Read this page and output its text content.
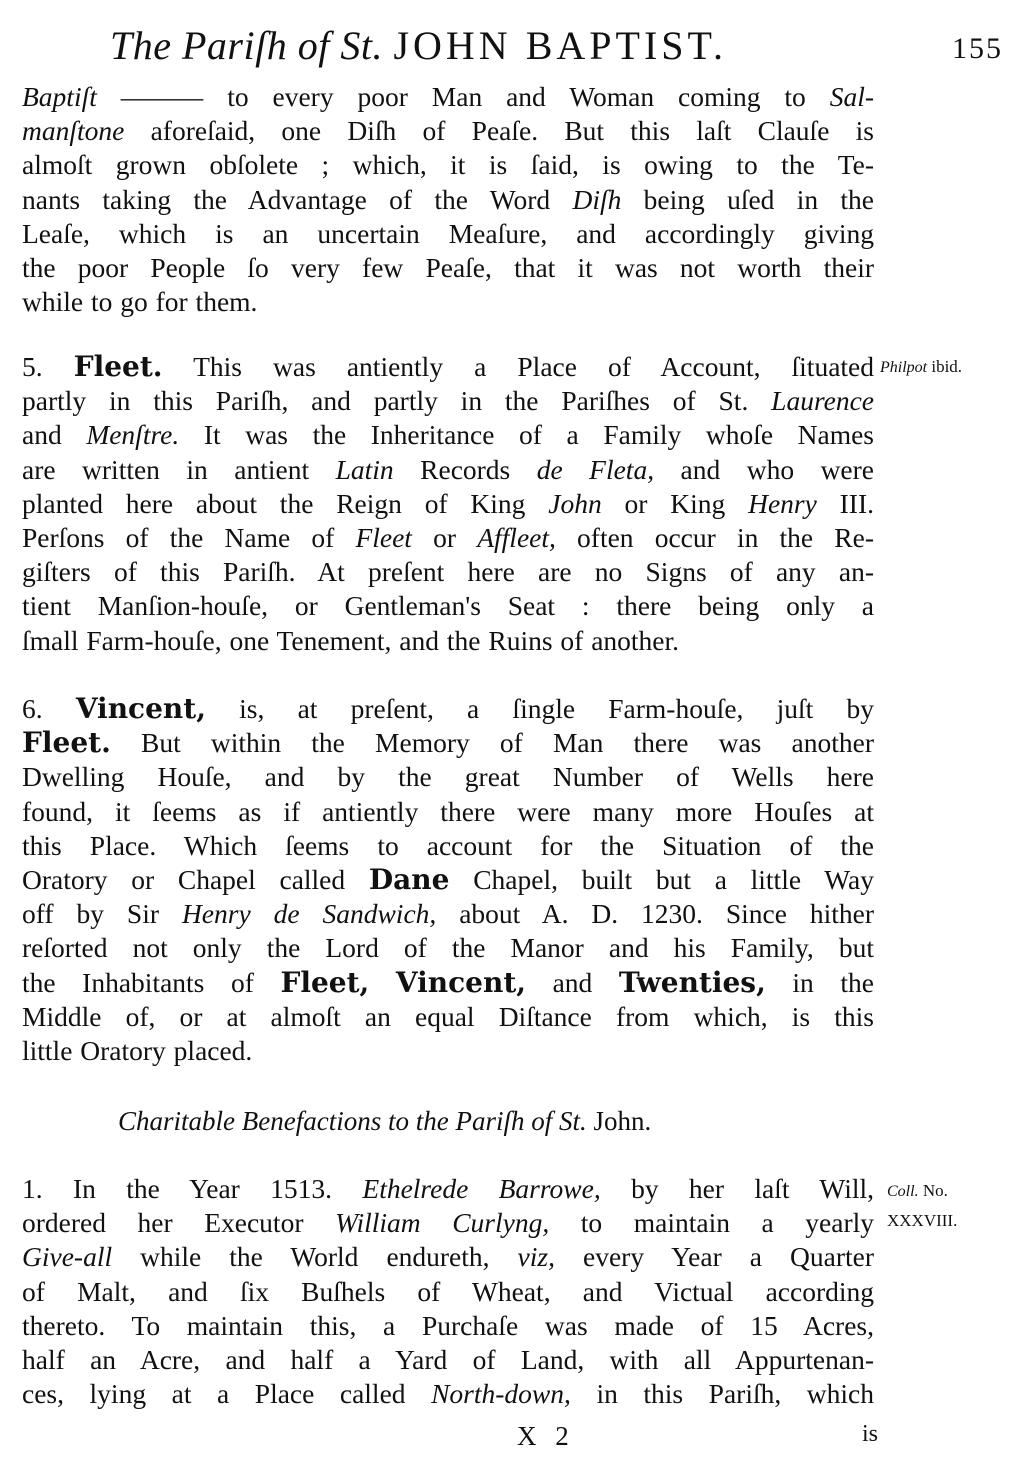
The Pariſh of St. JOHN BAPTIST.	155
Baptiſt ——— to every poor Man and Woman coming to Sal-
manſtone aforeſaid, one Diſh of Peaſe. But this laſt Clauſe is
almoſt grown obſolete ; which, it is ſaid, is owing to the Te-
nants taking the Advantage of the Word Diſh being uſed in the
Leaſe, which is an uncertain Meaſure, and accordingly giving
the poor People ſo very few Peaſe, that it was not worth their
while to go for them.
5. Fleet. This was antiently a Place of Account, ſituated
partly in this Pariſh, and partly in the Pariſhes of St. Laurence
and Menſtre. It was the Inheritance of a Family whoſe Names
are written in antient Latin Records de Fleta, and who were
planted here about the Reign of King John or King Henry III.
Perſons of the Name of Fleet or Affleet, often occur in the Re-
giſters of this Pariſh. At preſent here are no Signs of any an-
tient Manſion-houſe, or Gentleman's Seat : there being only a
ſmall Farm-houſe, one Tenement, and the Ruins of another.
Philpot ibid.
6. Vincent, is, at preſent, a ſingle Farm-houſe, juſt by
Fleet. But within the Memory of Man there was another
Dwelling Houſe, and by the great Number of Wells here
found, it ſeems as if antiently there were many more Houſes at
this Place. Which ſeems to account for the Situation of the
Oratory or Chapel called Dane Chapel, built but a little Way
off by Sir Henry de Sandwich, about A. D. 1230. Since hither
reſorted not only the Lord of the Manor and his Family, but
the Inhabitants of Fleet, Vincent, and Twenties, in the
Middle of, or at almoſt an equal Diſtance from which, is this
little Oratory placed.
Charitable Benefactions to the Pariſh of St. John.
1. In the Year 1513. Ethelrede Barrowe, by her laſt Will,
ordered her Executor William Curlyng, to maintain a yearly
Give-all while the World endureth, viz, every Year a Quarter
of Malt, and ſix Buſhels of Wheat, and Victual according
thereto. To maintain this, a Purchaſe was made of 15 Acres,
half an Acre, and half a Yard of Land, with all Appurtenan-
ces, lying at a Place called North-down, in this Pariſh, which
Coll. No.
XXXVIII.
X 2	is
